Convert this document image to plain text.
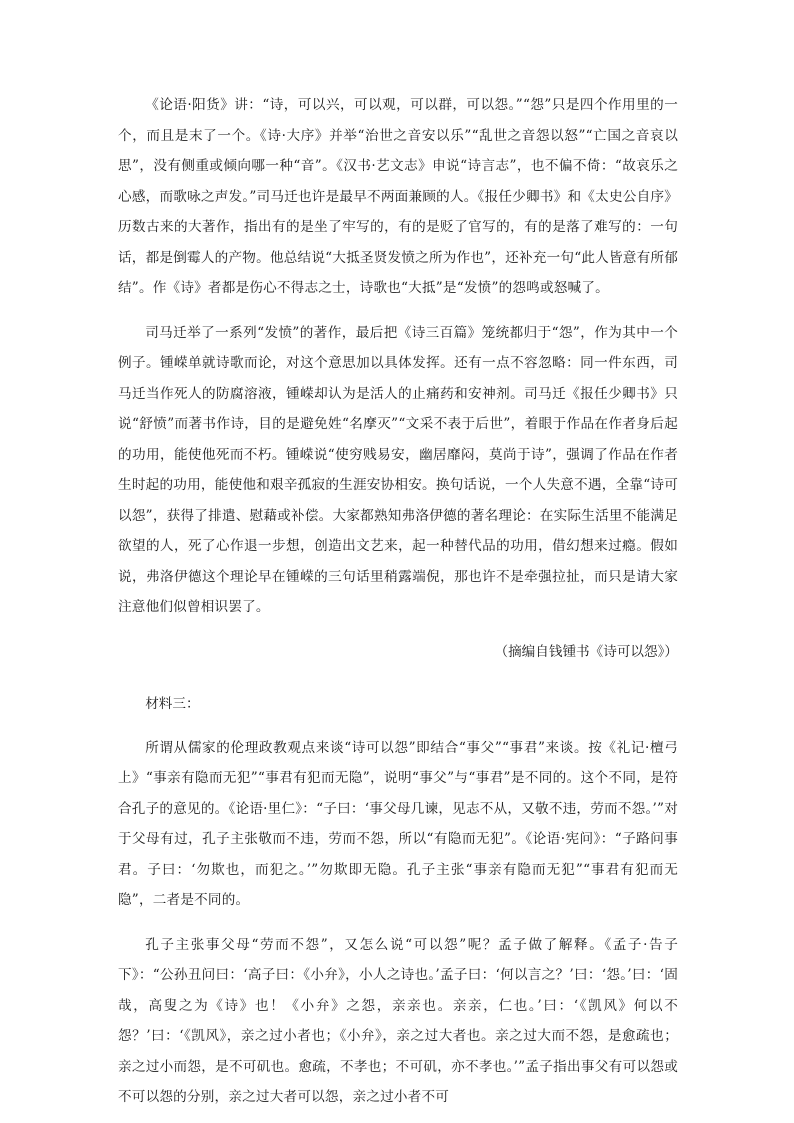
《论语·阳货》讲：“诗，可以兴，可以观，可以群，可以怨。”“怨”只是四个作用里的一个，而且是末了一个。《诗·大序》并举“治世之音安以乐”“乱世之音怨以怒”“亡国之音哀以思”，没有侧重或倾向哪一种“音”。《汉书·艺文志》申说“诗言志”，也不偏不倚：“故哀乐之心感，而歌咏之声发。”司马迁也许是最早不两面兼顾的人。《报任少卿书》和《太史公自序》历数古来的大著作，指出有的是坐了牢写的，有的是贬了官写的，有的是落了难写的：一句话，都是倒霉人的产物。他总结说“大抵圣贤发愤之所为作也”，还补充一句“此人皆意有所郁结”。作《诗》者都是伤心不得志之士，诗歌也“大抵”是“发愤”的怨鸣或怒喊了。

司马迁举了一系列“发愤”的著作，最后把《诗三百篇》笼统都归于“怨”，作为其中一个例子。锺嵘单就诗歌而论，对这个意思加以具体发挥。还有一点不容忽略：同一件东西，司马迁当作死人的防腐溶液，锺嵘却认为是活人的止痛药和安神剂。司马迁《报任少卿书》只说“舒愤”而著书作诗，目的是避免姓“名摩灭”“文采不表于后世”，着眼于作品在作者身后起的功用，能使他死而不朽。锺嵘说“使穷贱易安，幽居靡闷，莫尚于诗”，强调了作品在作者生时起的功用，能使他和艰辛孤寂的生涯安协相安。换句话说，一个人失意不遇，全靠“诗可以怨”，获得了排遣、慰藉或补偿。大家都熟知弗洛伊德的著名理论：在实际生活里不能满足欲望的人，死了心作退一步想，创造出文艺来，起一种替代品的功用，借幻想来过瘾。假如说，弗洛伊德这个理论早在锺嵘的三句话里稍露端倪，那也许不是牵强拉扯，而只是请大家注意他们似曾相识罢了。

（摘编自钱锺书《诗可以怨》）

材料三：

所谓从儒家的伦理政教观点来谈“诗可以怨”即结合“事父”“事君”来谈。按《礼记·檀弓上》“事亲有隐而无犯”“事君有犯而无隐”，说明“事父”与“事君”是不同的。这个不同，是符合孔子的意见的。《论语·里仁》：“子曰：‘事父母几谏，见志不从，又敬不违，劳而不怨。’”对于父母有过，孔子主张敬而不违，劳而不怨，所以“有隐而无犯”。《论语·宪问》：“子路问事君。子曰：‘勿欺也，而犯之。’”勿欺即无隐。孔子主张“事亲有隐而无犯”“事君有犯而无隐”，二者是不同的。

孔子主张事父母“劳而不怨”，又怎么说“可以怨”呢？孟子做了解释。《孟子·告子下》：“公孙丑问曰：‘高子曰：《小弁》，小人之诗也。’孟子曰：‘何以言之？’曰：‘怨。’曰：‘固哉，高叟之为《诗》也！《小弁》之怨，亲亲也。亲亲，仁也。’曰：‘《凯风》何以不怨？’曰：‘《凯风》，亲之过小者也；《小弁》，亲之过大者也。亲之过大而不怨，是愈疏也；亲之过小而怨，是不可矶也。愈疏，不孝也；不可矶，亦不孝也。’”孟子指出事父有可以怨或不可以怨的分别，亲之过大者可以怨，亲之过小者不可
